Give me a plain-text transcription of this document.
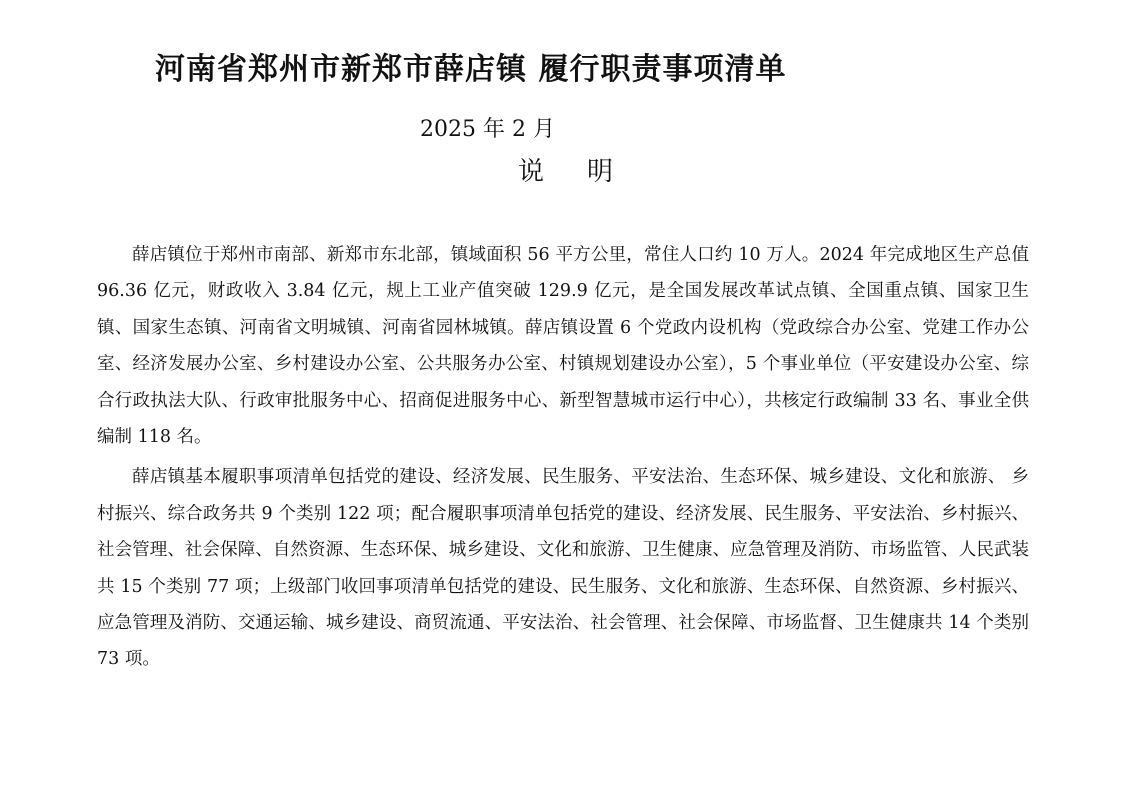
河南省郑州市新郑市薛店镇 履行职责事项清单
2025 年 2 月
说    明

薛店镇位于郑州市南部、新郑市东北部，镇域面积 56 平方公里，常住人口约 10 万人。2024 年完成地区生产总值 96.36 亿元，财政收入 3.84 亿元，规上工业产值突破 129.9 亿元，是全国发展改革试点镇、全国重点镇、国家卫生镇、国家生态镇、河南省文明城镇、河南省园林城镇。薛店镇设置 6 个党政内设机构（党政综合办公室、党建工作办公室、经济发展办公室、乡村建设办公室、公共服务办公室、村镇规划建设办公室），5 个事业单位（平安建设办公室、综合行政执法大队、行政审批服务中心、招商促进服务中心、新型智慧城市运行中心），共核定行政编制 33 名、事业全供编制 118 名。

薛店镇基本履职事项清单包括党的建设、经济发展、民生服务、平安法治、生态环保、城乡建设、文化和旅游、 乡村振兴、综合政务共 9 个类别 122 项；配合履职事项清单包括党的建设、经济发展、民生服务、平安法治、乡村振兴、社会管理、社会保障、自然资源、生态环保、城乡建设、文化和旅游、卫生健康、应急管理及消防、市场监管、人民武装共 15 个类别 77 项；上级部门收回事项清单包括党的建设、民生服务、文化和旅游、生态环保、自然资源、乡村振兴、应急管理及消防、交通运输、城乡建设、商贸流通、平安法治、社会管理、社会保障、市场监督、卫生健康共 14 个类别 73 项。
